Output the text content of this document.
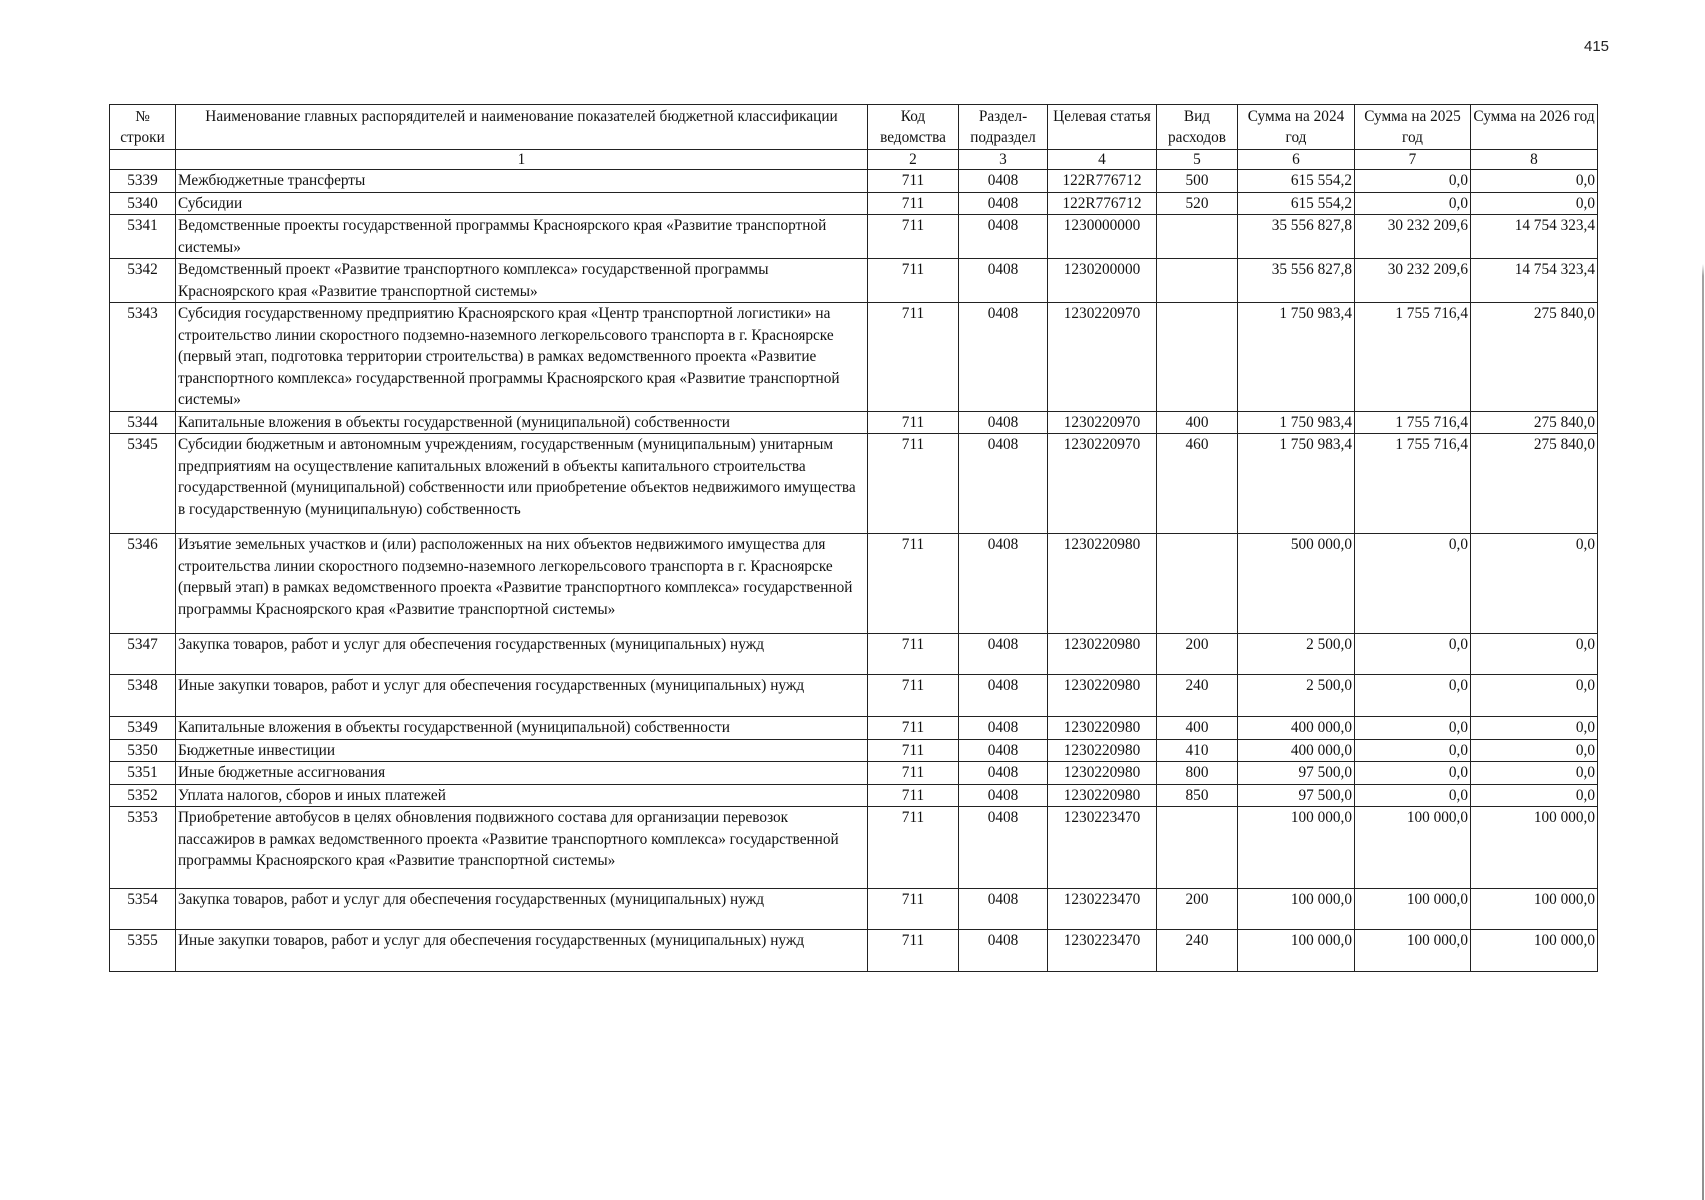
415
№ строки	Наименование главных распорядителей и наименование показателей бюджетной классификации	Код ведомства	Раздел-подраздел	Целевая статья	Вид расходов	Сумма на 2024 год	Сумма на 2025 год	Сумма на 2026 год
	1	2	3	4	5	6	7	8
5339	Межбюджетные трансферты	711	0408	122R776712	500	615 554,2	0,0	0,0
5340	Субсидии	711	0408	122R776712	520	615 554,2	0,0	0,0
5341	Ведомственные проекты государственной программы Красноярского края «Развитие транспортной системы»	711	0408	1230000000		35 556 827,8	30 232 209,6	14 754 323,4
5342	Ведомственный проект «Развитие транспортного комплекса» государственной программы Красноярского края «Развитие транспортной системы»	711	0408	1230200000		35 556 827,8	30 232 209,6	14 754 323,4
5343	Субсидия государственному предприятию Красноярского края «Центр транспортной логистики» на строительство линии скоростного подземно-наземного легкорельсового транспорта в г. Красноярске (первый этап, подготовка территории строительства) в рамках ведомственного проекта «Развитие транспортного комплекса» государственной программы Красноярского края «Развитие транспортной системы»	711	0408	1230220970		1 750 983,4	1 755 716,4	275 840,0
5344	Капитальные вложения в объекты государственной (муниципальной) собственности	711	0408	1230220970	400	1 750 983,4	1 755 716,4	275 840,0
5345	Субсидии бюджетным и автономным учреждениям, государственным (муниципальным) унитарным предприятиям на осуществление капитальных вложений в объекты капитального строительства государственной (муниципальной) собственности или приобретение объектов недвижимого имущества в государственную (муниципальную) собственность	711	0408	1230220970	460	1 750 983,4	1 755 716,4	275 840,0
5346	Изъятие земельных участков и (или) расположенных на них объектов недвижимого имущества для строительства линии скоростного подземно-наземного легкорельсового транспорта в г. Красноярске (первый этап) в рамках ведомственного проекта «Развитие транспортного комплекса» государственной программы Красноярского края «Развитие транспортной системы»	711	0408	1230220980		500 000,0	0,0	0,0
5347	Закупка товаров, работ и услуг для обеспечения государственных (муниципальных) нужд	711	0408	1230220980	200	2 500,0	0,0	0,0
5348	Иные закупки товаров, работ и услуг для обеспечения государственных (муниципальных) нужд	711	0408	1230220980	240	2 500,0	0,0	0,0
5349	Капитальные вложения в объекты государственной (муниципальной) собственности	711	0408	1230220980	400	400 000,0	0,0	0,0
5350	Бюджетные инвестиции	711	0408	1230220980	410	400 000,0	0,0	0,0
5351	Иные бюджетные ассигнования	711	0408	1230220980	800	97 500,0	0,0	0,0
5352	Уплата налогов, сборов и иных платежей	711	0408	1230220980	850	97 500,0	0,0	0,0
5353	Приобретение автобусов в целях обновления подвижного состава для организации перевозок пассажиров в рамках ведомственного проекта «Развитие транспортного комплекса» государственной программы Красноярского края «Развитие транспортной системы»	711	0408	1230223470		100 000,0	100 000,0	100 000,0
5354	Закупка товаров, работ и услуг для обеспечения государственных (муниципальных) нужд	711	0408	1230223470	200	100 000,0	100 000,0	100 000,0
5355	Иные закупки товаров, работ и услуг для обеспечения государственных (муниципальных) нужд	711	0408	1230223470	240	100 000,0	100 000,0	100 000,0
